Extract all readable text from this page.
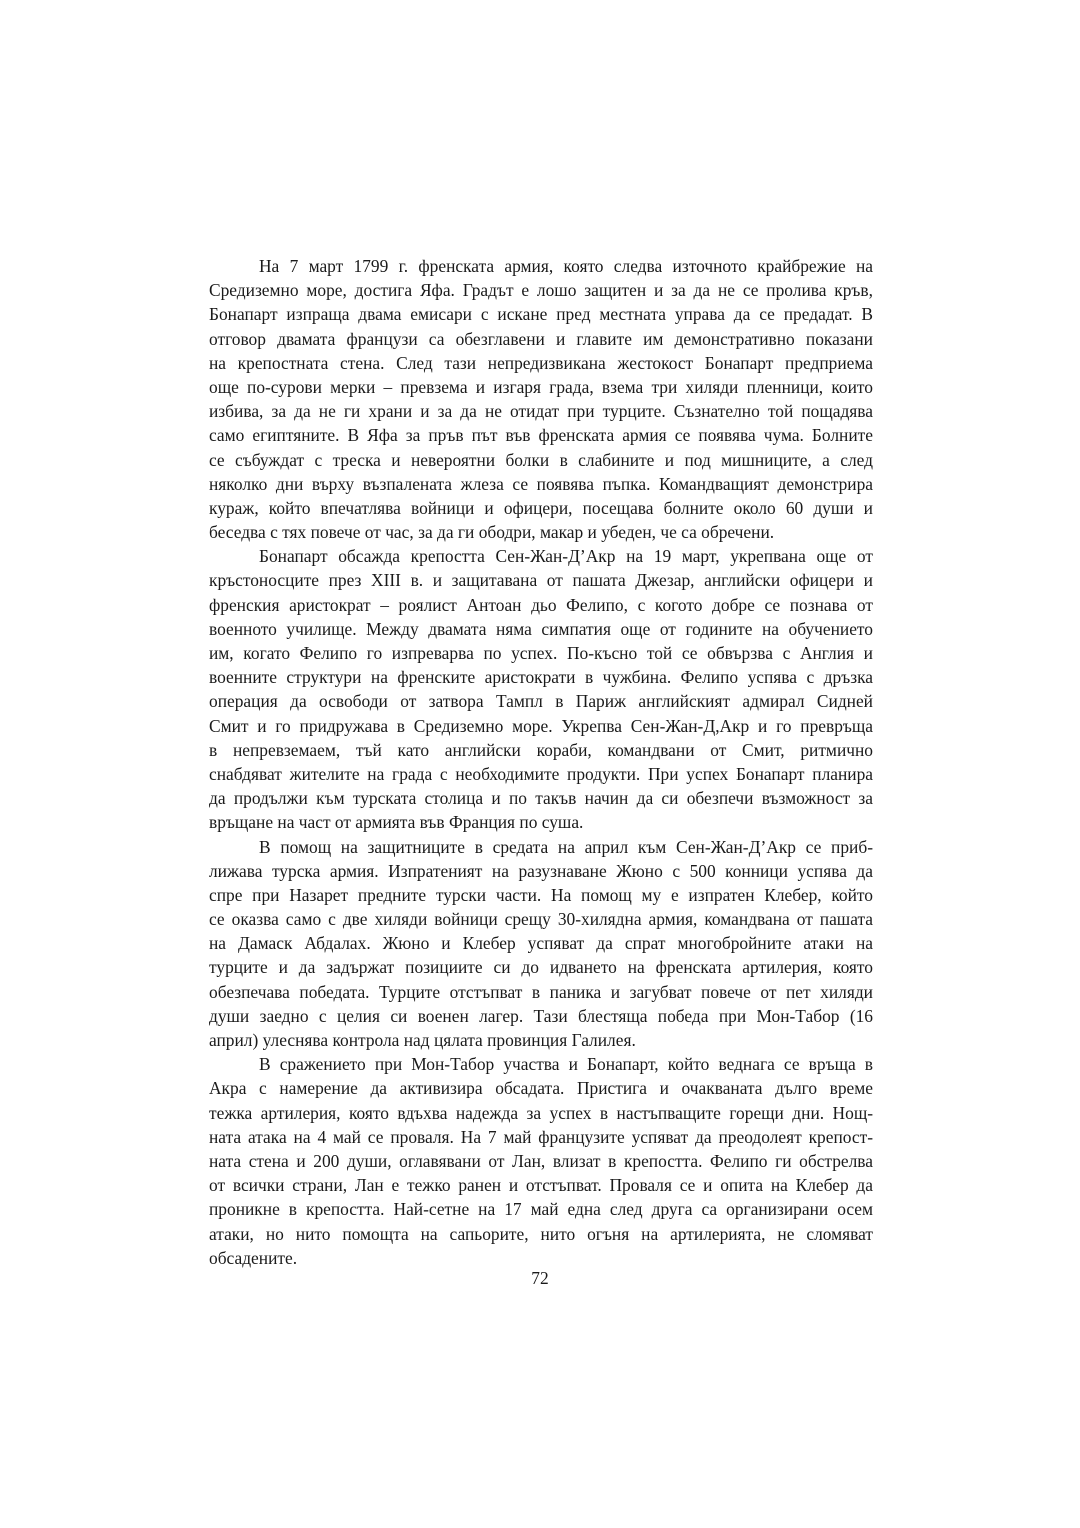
На 7 март 1799 г. френската армия, която следва източното крайбрежие на
Средиземно море, достига Яфа. Градът е лошо защитен и за да не се пролива кръв,
Бонапарт изпраща двама емисари с искане пред местната управа да се предадат. В
отговор двамата французи са обезглавени и главите им демонстративно показани
на крепостната стена. След тази непредизвикана жестокост Бонапарт предприема
още по-сурови мерки – превзема и изгаря града, взема три хиляди пленници, които
избива, за да не ги храни и за да не отидат при турците. Съзнателно той пощадява
само египтяните. В Яфа за пръв път във френската армия се появява чума. Болните
се събуждат с треска и невероятни болки в слабините и под мишниците, а след
няколко дни върху възпалената жлеза се появява пъпка. Командващият демонстрира
кураж, който впечатлява войници и офицери, посещава болните около 60 души и
беседва с тях повече от час, за да ги ободри, макар и убеден, че са обречени.
Бонапарт обсажда крепостта Сен-Жан-Д’Акр на 19 март, укрепвана още от
кръстоносците през XIII в. и защитавана от пашата Джезар, английски офицери и
френския аристократ – роялист Антоан дьо Фелипо, с когото добре се познава от
военното училище. Между двамата няма симпатия още от годините на обучението
им, когато Фелипо го изпреварва по успех. По-късно той се обвързва с Англия и
военните структури на френските аристократи в чужбина. Фелипо успява с дръзка
операция да освободи от затвора Тампл в Париж английският адмирал Сидней
Смит и го придружава в Средиземно море. Укрепва Сен-Жан-Д,Акр и го превръща
в непревземаем, тъй като английски кораби, командвани от Смит, ритмично
снабдяват жителите на града с необходимите продукти. При успех Бонапарт планира
да продължи към турската столица и по такъв начин да си обезпечи възможност за
връщане на част от армията във Франция по суша.
В помощ на защитниците в средата на април към Сен-Жан-Д’Акр се приб-
лижава турска армия. Изпратеният на разузнаване Жюно с 500 конници успява да
спре при Назарет предните турски части. На помощ му е изпратен Клебер, който
се оказва само с две хиляди войници срещу 30-хилядна армия, командвана от пашата
на Дамаск Абдалах. Жюно и Клебер успяват да спрат многобройните атаки на
турците и да задържат позициите си до идването на френската артилерия, която
обезпечава победата. Турците отстъпват в паника и загубват повече от пет хиляди
души заедно с целия си военен лагер. Тази блестяща победа при Мон-Табор (16
април) улеснява контрола над цялата провинция Галилея.
В сражението при Мон-Табор участва и Бонапарт, който веднага се връща в
Акра с намерение да активизира обсадата. Пристига и очакваната дълго време
тежка артилерия, която вдъхва надежда за успех в настъпващите горещи дни. Нощ-
ната атака на 4 май се проваля. На 7 май французите успяват да преодолеят крепост-
ната стена и 200 души, оглавявани от Лан, влизат в крепостта. Фелипо ги обстрелва
от всички страни, Лан е тежко ранен и отстъпват. Проваля се и опита на Клебер да
проникне в крепостта. Най-сетне на 17 май една след друга са организирани осем
атаки, но нито помощта на сапьорите, нито огъня на артилерията, не сломяват
обсадените.
72
